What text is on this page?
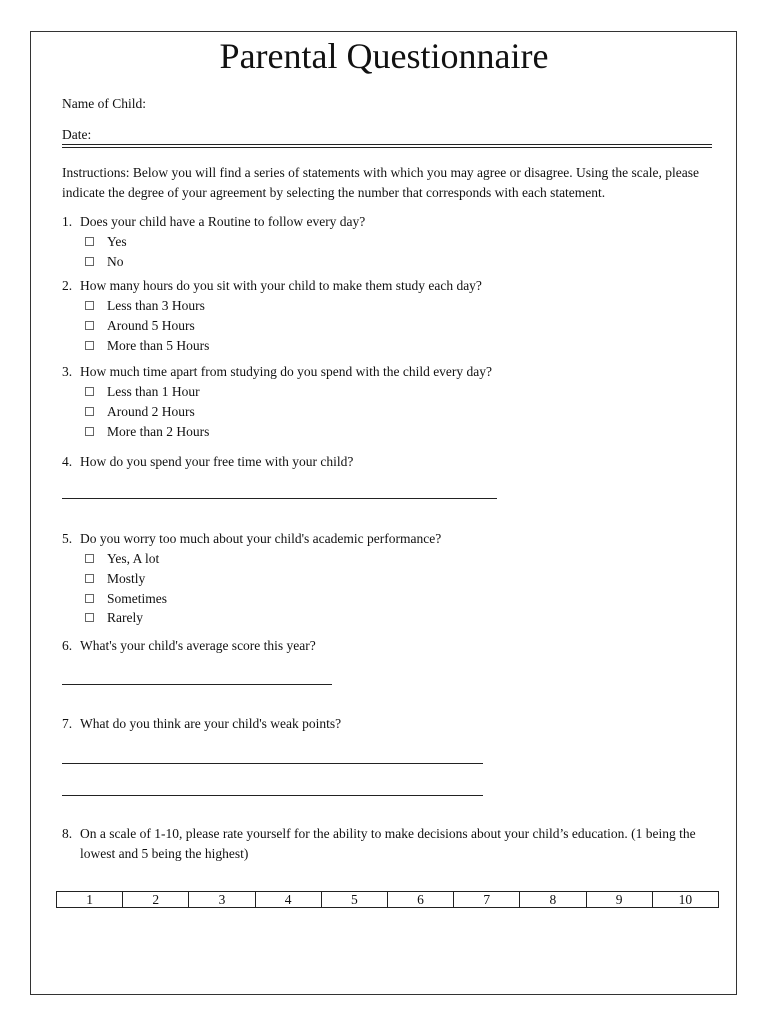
Parental Questionnaire
Name of Child:
Date:
Instructions: Below you will find a series of statements with which you may agree or disagree. Using the scale, please indicate the degree of your agreement by selecting the number that corresponds with each statement.
1. Does your child have a Routine to follow every day?
Yes
No
2. How many hours do you sit with your child to make them study each day?
Less than 3 Hours
Around 5 Hours
More than 5 Hours
3. How much time apart from studying do you spend with the child every day?
Less than 1 Hour
Around 2 Hours
More than 2 Hours
4. How do you spend your free time with your child?
5. Do you worry too much about your child's academic performance?
Yes, A lot
Mostly
Sometimes
Rarely
6. What's your child's average score this year?
7. What do you think are your child's weak points?
8. On a scale of 1-10, please rate yourself for the ability to make decisions about your child’s education. (1 being the lowest and 5 being the highest)
1	2	3	4	5	6	7	8	9	10
